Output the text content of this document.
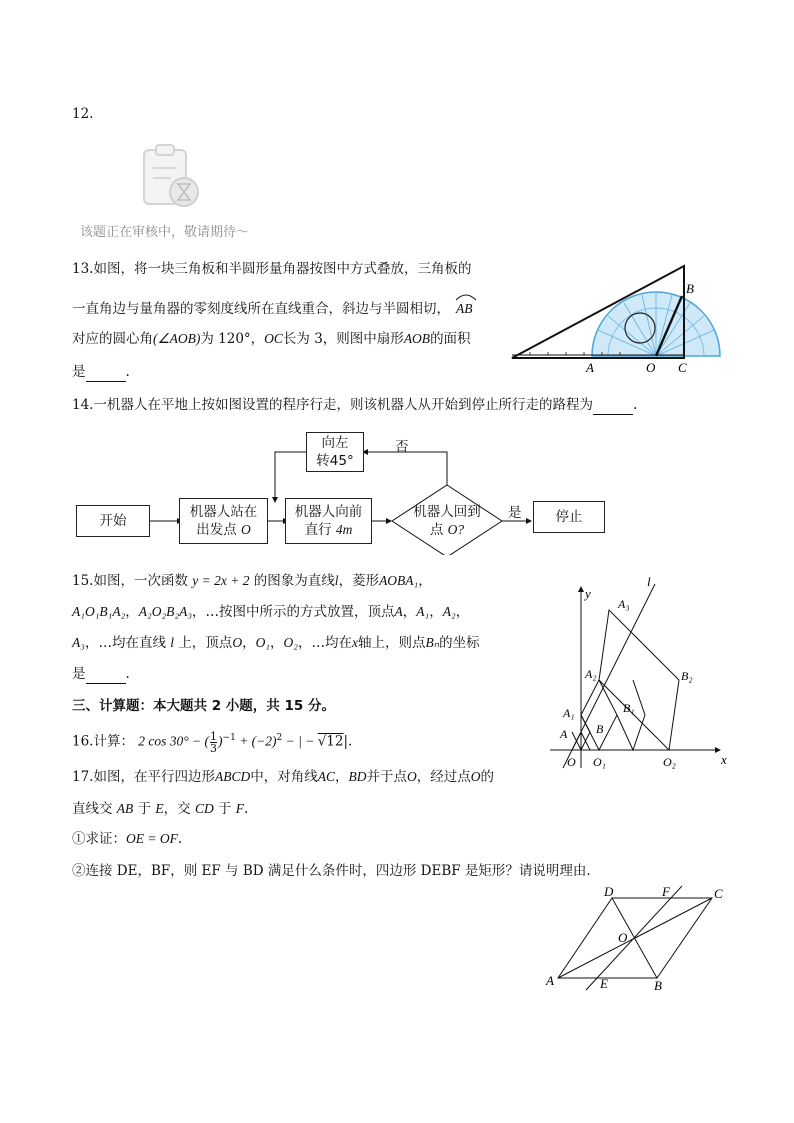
12.
该题正在审核中，敬请期待～
13.如图，将一块三角板和半圆形量角器按图中方式叠放，三角板的
一直角边与量角器的零刻度线所在直线重合，斜边与半圆相切， AB
对应的圆心角(∠AOB)为 120°，OC长为 3，则图中扇形AOB的面积
是	.	A	O C
B
14.一机器人在平地上按如图设置的程序行走，则该机器人从开始到停止所行走的路程为	.
开始
机器人站在
出发点 O
机器人向前
直行 4m
机器人回到
点 O?
向左
转45°
否
是	停止
15.如图，一次函数 y = 2x + 2 的图象为直线l，菱形AOBA₁，
A₁O₁B₁A₂，A₂O₂B₂A₃，…按图中所示的方式放置，顶点A，A₁，A₂，
A₃，…均在直线 l 上，顶点O，O₁，O₂，…均在x轴上，则点Bₙ的坐标
是	.
y
x
l
A₃
A₂
A₁
A B
B₁
B₂
O O₁	O₂
三、计算题：本大题共 2 小题，共 15 分。
16.计算： 2 cos 30° − ( $\frac{1}{3} )^{-1} + (-2)^2$ − | − √12|.
17.如图，在平行四边形ABCD中，对角线AC，BD并于点O，经过点O的
直线交 AB 于 E，交 CD 于 F.
①求证：OE = OF.
②连接 DE，BF，则 EF 与 BD 满足什么条件时，四边形 DEBF 是矩形？请说明理由．
D	F	C
O
A	E	B
